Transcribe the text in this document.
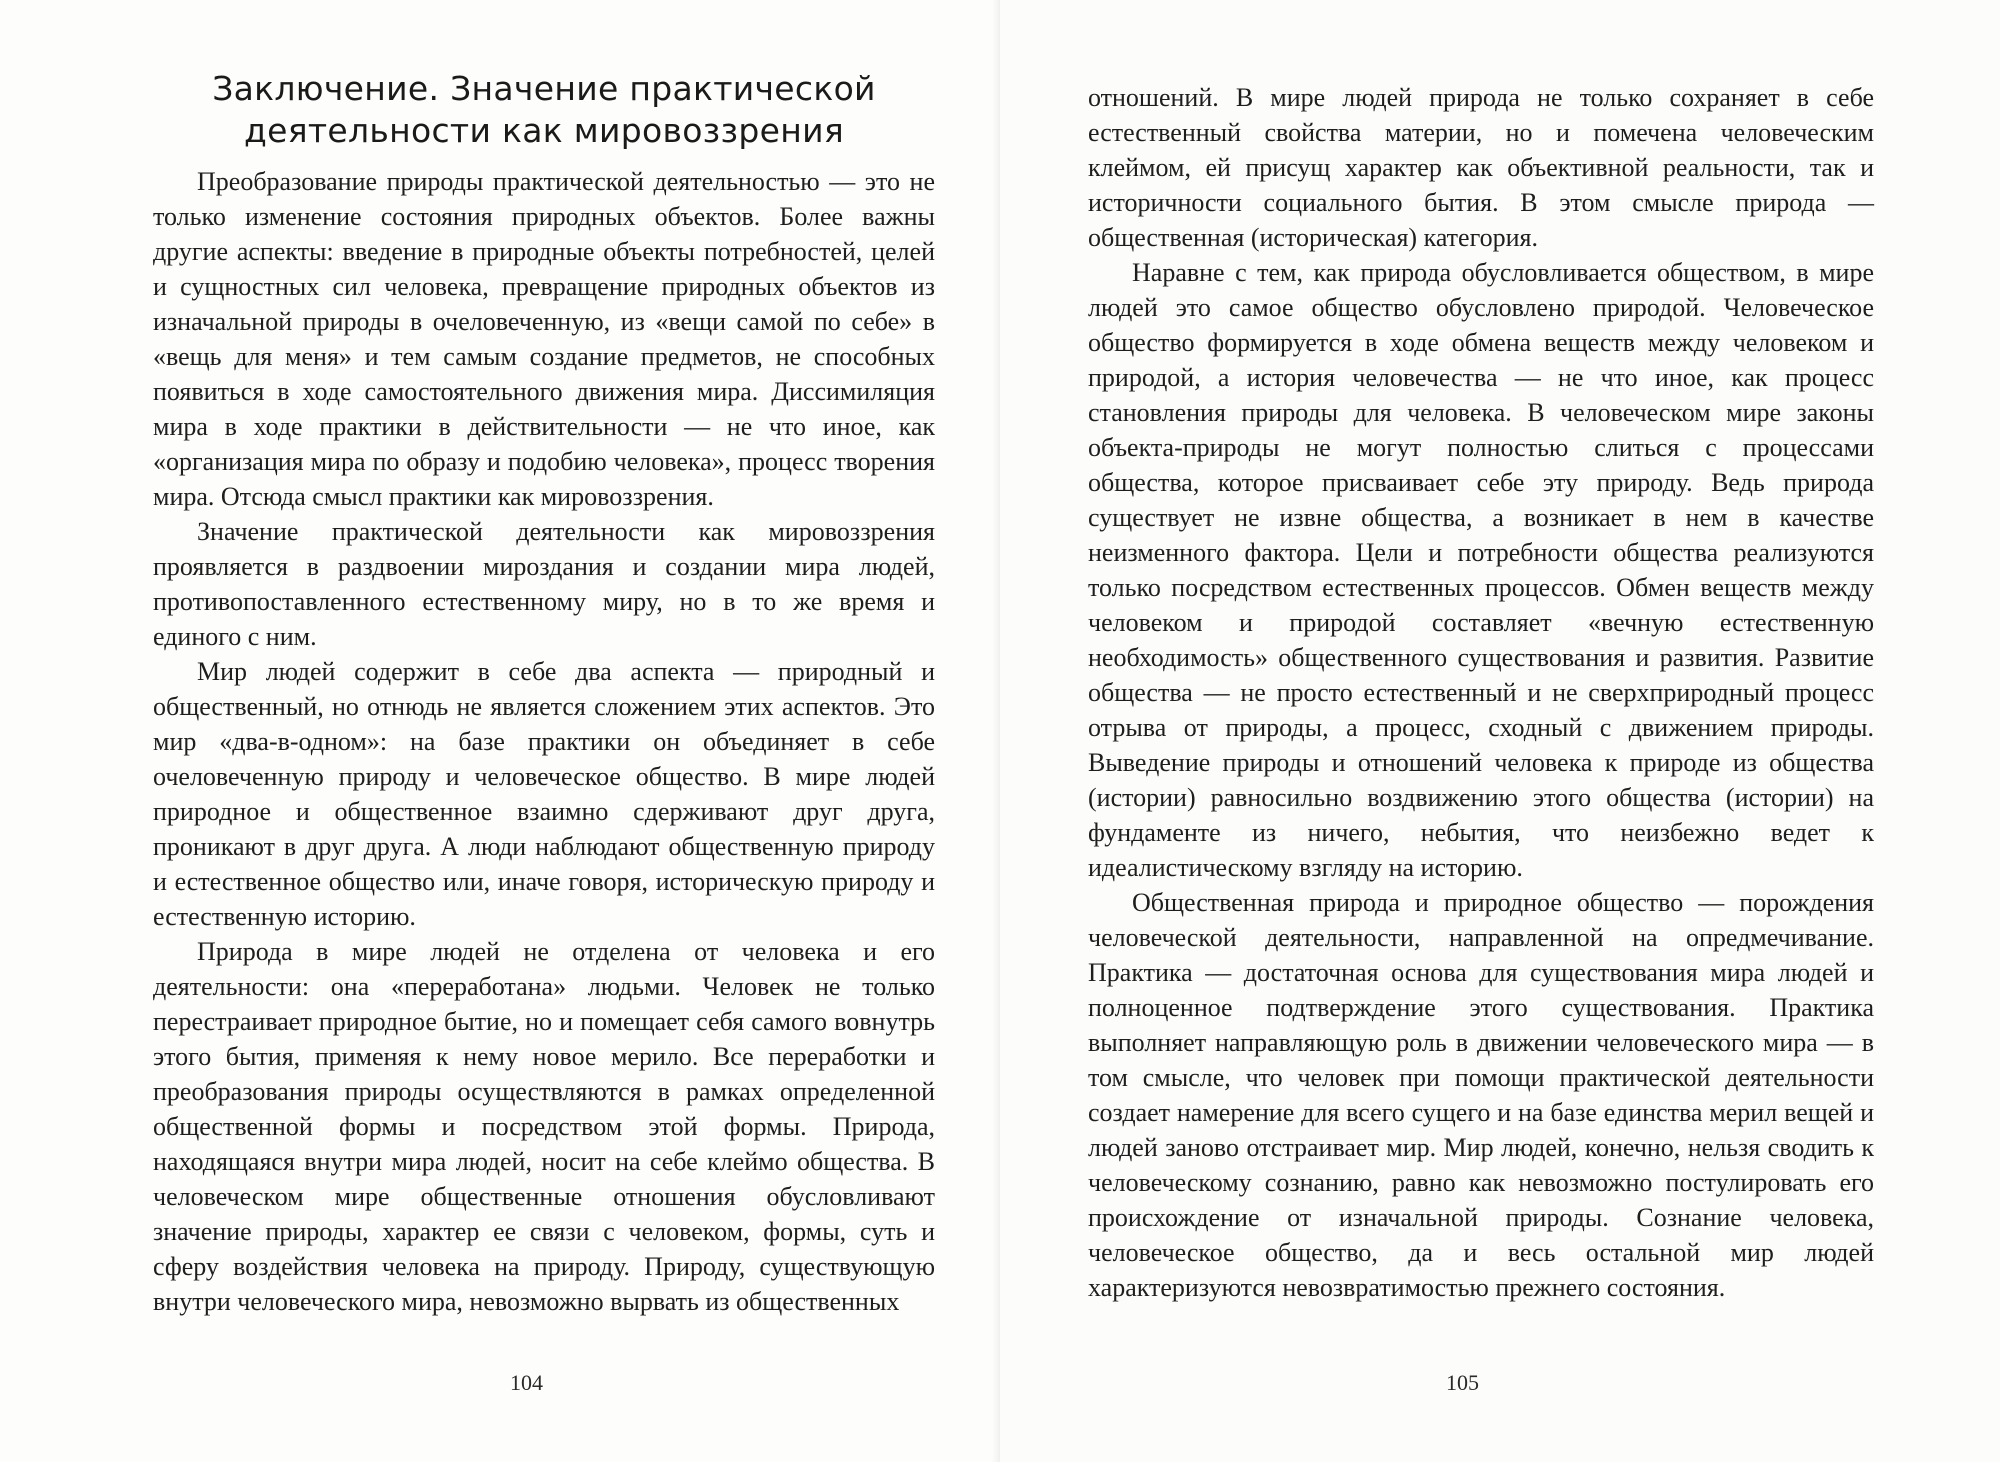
Заключение. Значение практической
деятельности как мировоззрения

Преобразование природы практической деятельностью — это не только изменение состояния природных объектов. Более важны другие аспекты: введение в природные объекты потребностей, целей и сущностных сил человека, превращение природных объектов из изначальной природы в очеловеченную, из «вещи самой по себе» в «вещь для меня» и тем самым создание предметов, не способных появиться в ходе самостоятельного движения мира. Диссимиляция мира в ходе практики в действительности — не что иное, как «организация мира по образу и подобию человека», процесс творения мира. Отсюда смысл практики как мировоззрения.

Значение практической деятельности как мировоззрения проявляется в раздвоении мироздания и создании мира людей, противопоставленного естественному миру, но в то же время и единого с ним.

Мир людей содержит в себе два аспекта — природный и общественный, но отнюдь не является сложением этих аспектов. Это мир «два-в-одном»: на базе практики он объединяет в себе очеловеченную природу и человеческое общество. В мире людей природное и общественное взаимно сдерживают друг друга, проникают в друг друга. А люди наблюдают общественную природу и естественное общество или, иначе говоря, историческую природу и естественную историю.

Природа в мире людей не отделена от человека и его деятельности: она «переработана» людьми. Человек не только перестраивает природное бытие, но и помещает себя самого вовнутрь этого бытия, применяя к нему новое мерило. Все переработки и преобразования природы осуществляются в рамках определенной общественной формы и посредством этой формы. Природа, находящаяся внутри мира людей, носит на себе клеймо общества. В человеческом мире общественные отношения обусловливают значение природы, характер ее связи с человеком, формы, суть и сферу воздействия человека на природу. Природу, существующую внутри человеческого мира, невозможно вырвать из общественных

104

отношений. В мире людей природа не только сохраняет в себе естественный свойства материи, но и помечена человеческим клеймом, ей присущ характер как объективной реальности, так и историчности социального бытия. В этом смысле природа — общественная (историческая) категория.

Наравне с тем, как природа обусловливается обществом, в мире людей это самое общество обусловлено природой. Человеческое общество формируется в ходе обмена веществ между человеком и природой, а история человечества — не что иное, как процесс становления природы для человека. В человеческом мире законы объекта-природы не могут полностью слиться с процессами общества, которое присваивает себе эту природу. Ведь природа существует не извне общества, а возникает в нем в качестве неизменного фактора. Цели и потребности общества реализуются только посредством естественных процессов. Обмен веществ между человеком и природой составляет «вечную естественную необходимость» общественного существования и развития. Развитие общества — не просто естественный и не сверхприродный процесс отрыва от природы, а процесс, сходный с движением природы. Выведение природы и отношений человека к природе из общества (истории) равносильно воздвижению этого общества (истории) на фундаменте из ничего, небытия, что неизбежно ведет к идеалистическому взгляду на историю.

Общественная природа и природное общество — порождения человеческой деятельности, направленной на опредмечивание. Практика — достаточная основа для существования мира людей и полноценное подтверждение этого существования. Практика выполняет направляющую роль в движении человеческого мира — в том смысле, что человек при помощи практической деятельности создает намерение для всего сущего и на базе единства мерил вещей и людей заново отстраивает мир. Мир людей, конечно, нельзя сводить к человеческому сознанию, равно как невозможно постулировать его происхождение от изначальной природы. Сознание человека, человеческое общество, да и весь остальной мир людей характеризуются невозвратимостью прежнего состояния.

105
